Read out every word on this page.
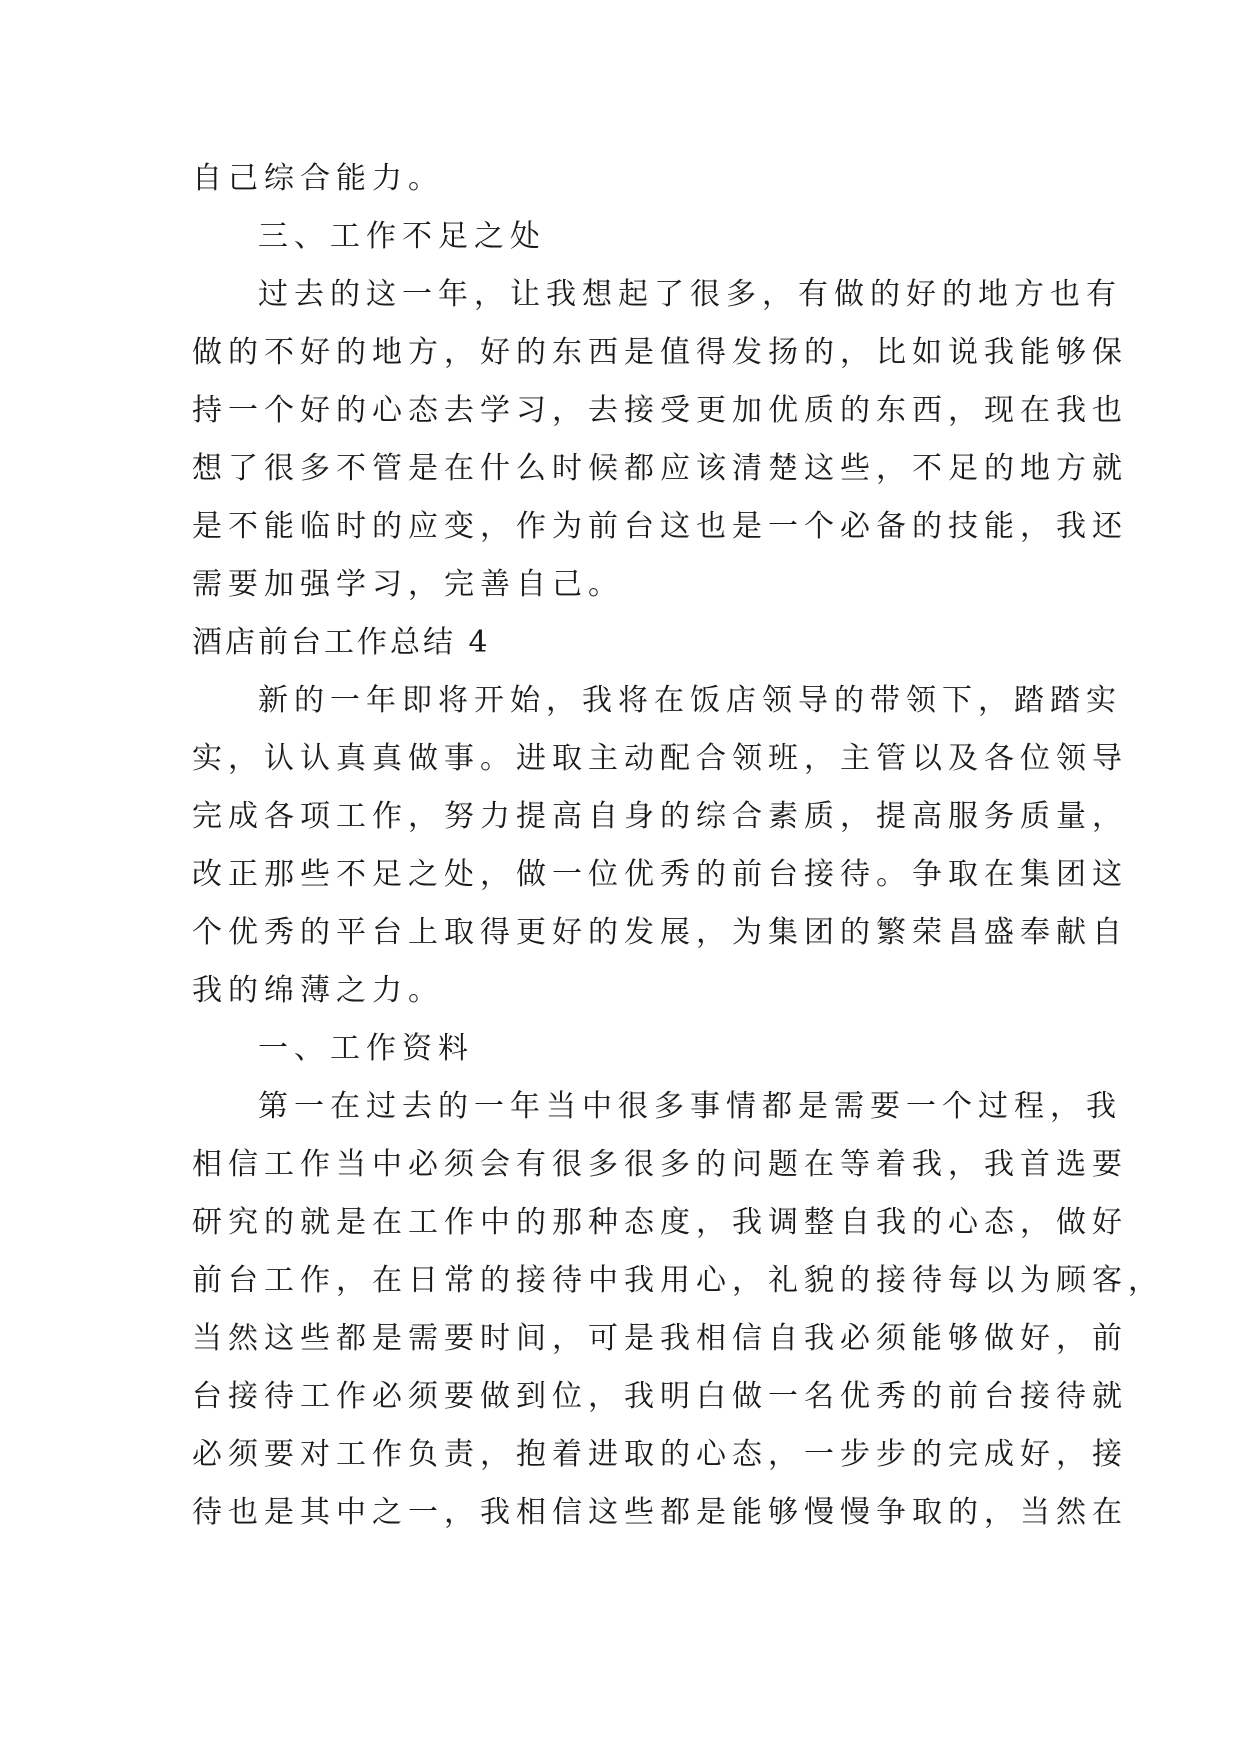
自己综合能力。
三、工作不足之处
过去的这一年，让我想起了很多，有做的好的地方也有
做的不好的地方，好的东西是值得发扬的，比如说我能够保
持一个好的心态去学习，去接受更加优质的东西，现在我也
想了很多不管是在什么时候都应该清楚这些，不足的地方就
是不能临时的应变，作为前台这也是一个必备的技能，我还
需要加强学习，完善自己。
酒店前台工作总结 4
新的一年即将开始，我将在饭店领导的带领下，踏踏实
实，认认真真做事。进取主动配合领班，主管以及各位领导
完成各项工作，努力提高自身的综合素质，提高服务质量，
改正那些不足之处，做一位优秀的前台接待。争取在集团这
个优秀的平台上取得更好的发展，为集团的繁荣昌盛奉献自
我的绵薄之力。
一、工作资料
第一在过去的一年当中很多事情都是需要一个过程，我
相信工作当中必须会有很多很多的问题在等着我，我首选要
研究的就是在工作中的那种态度，我调整自我的心态，做好
前台工作，在日常的接待中我用心，礼貌的接待每以为顾客，
当然这些都是需要时间，可是我相信自我必须能够做好，前
台接待工作必须要做到位，我明白做一名优秀的前台接待就
必须要对工作负责，抱着进取的心态，一步步的完成好，接
待也是其中之一，我相信这些都是能够慢慢争取的，当然在
